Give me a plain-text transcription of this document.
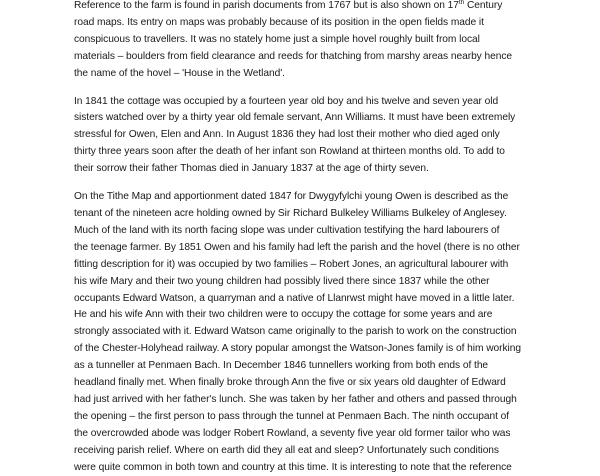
Reference to the farm is found in parish documents from 1767 but is also shown on 17th Century
road maps. Its entry on maps was probably because of its position in the open fields made it
conspicuous to travellers. It was no stately home just a simple hovel roughly built from local
materials – boulders from field clearance and reeds for thatching from marshy areas nearby hence
the name of the hovel – 'House in the Wetland'.
In 1841 the cottage was occupied by a fourteen year old boy and his twelve and seven year old
sisters watched over by a thirty year old female servant, Ann Williams. It must have been extremely
stressful for Owen, Elen and Ann. In August 1836 they had lost their mother who died aged only
thirty three years soon after the death of her infant son Rowland at thirteen months old. To add to
their sorrow their father Thomas died in January 1837 at the age of thirty seven.
On the Tithe Map and apportionment dated 1847 for Dwygyfylchi young Owen is described as the
tenant of the nineteen acre holding owned by Sir Richard Bulkeley Williams Bulkeley of Anglesey.
Much of the land with its north facing slope was under cultivation testifying the hard labourers of
the teenage farmer. By 1851 Owen and his family had left the parish and the hovel (there is no other
fitting description for it) was occupied by two families – Robert Jones, an agricultural labourer with
his wife Mary and their two young children had possibly lived there since 1837 while the other
occupants Edward Watson, a quarryman and a native of Llanrwst might have moved in a little later.
He and his wife Ann with their two children were to occupy the cottage for some years and are
strongly associated with it. Edward Watson came originally to the parish to work on the construction
of the Chester-Holyhead railway. A story popular amongst the Watson-Jones family is of him working
as a tunneller at Penmaen Bach. In December 1846 tunnellers working from both ends of the
headland finally met. When finally broke through Ann the five or six years old daughter of Edward
had just arrived with her father's lunch. She was taken by her father and others and passed through
the opening – the first person to pass through the tunnel at Penmaen Bach. The ninth occupant of
the overcrowded abode was lodger Robert Rowland, a seventy five year old former tailor who was
receiving parish relief. Where on earth did they all eat and sleep? Unfortunately such conditions
were quite common in both town and country at this time. It is interesting to note that the reference
